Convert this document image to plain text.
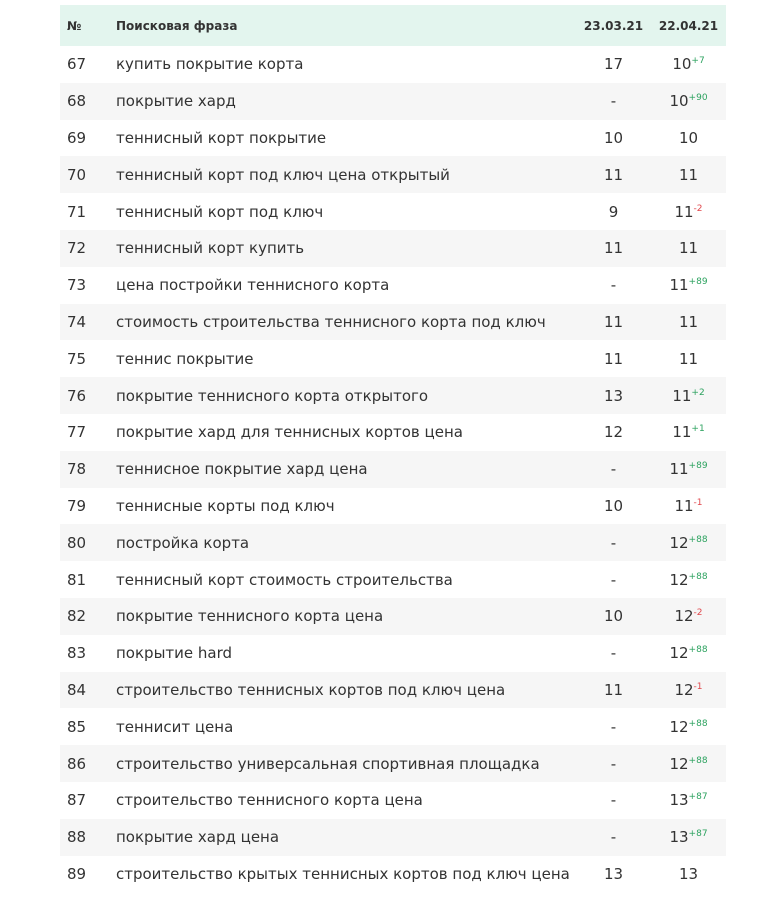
№	Поисковая фраза	23.03.21	22.04.21
67	купить покрытие корта	17	$10^{+7}$
68	покрытие хард	-	$10^{+90}$
69	теннисный корт покрытие	10	10
70	теннисный корт под ключ цена открытый	11	11
71	теннисный корт под ключ	9	$11^{-2}$
72	теннисный корт купить	11	11
73	цена постройки теннисного корта	-	$11^{+89}$
74	стоимость строительства теннисного корта под ключ	11	11
75	теннис покрытие	11	11
76	покрытие теннисного корта открытого	13	$11^{+2}$
77	покрытие хард для теннисных кортов цена	12	$11^{+1}$
78	теннисное покрытие хард цена	-	$11^{+89}$
79	теннисные корты под ключ	10	$11^{-1}$
80	постройка корта	-	$12^{+88}$
81	теннисный корт стоимость строительства	-	$12^{+88}$
82	покрытие теннисного корта цена	10	$12^{-2}$
83	покрытие hard	-	$12^{+88}$
84	строительство теннисных кортов под ключ цена	11	$12^{-1}$
85	теннисит цена	-	$12^{+88}$
86	строительство универсальная спортивная площадка	-	$12^{+88}$
87	строительство теннисного корта цена	-	$13^{+87}$
88	покрытие хард цена	-	$13^{+87}$
89	строительство крытых теннисных кортов под ключ цена	13	13
